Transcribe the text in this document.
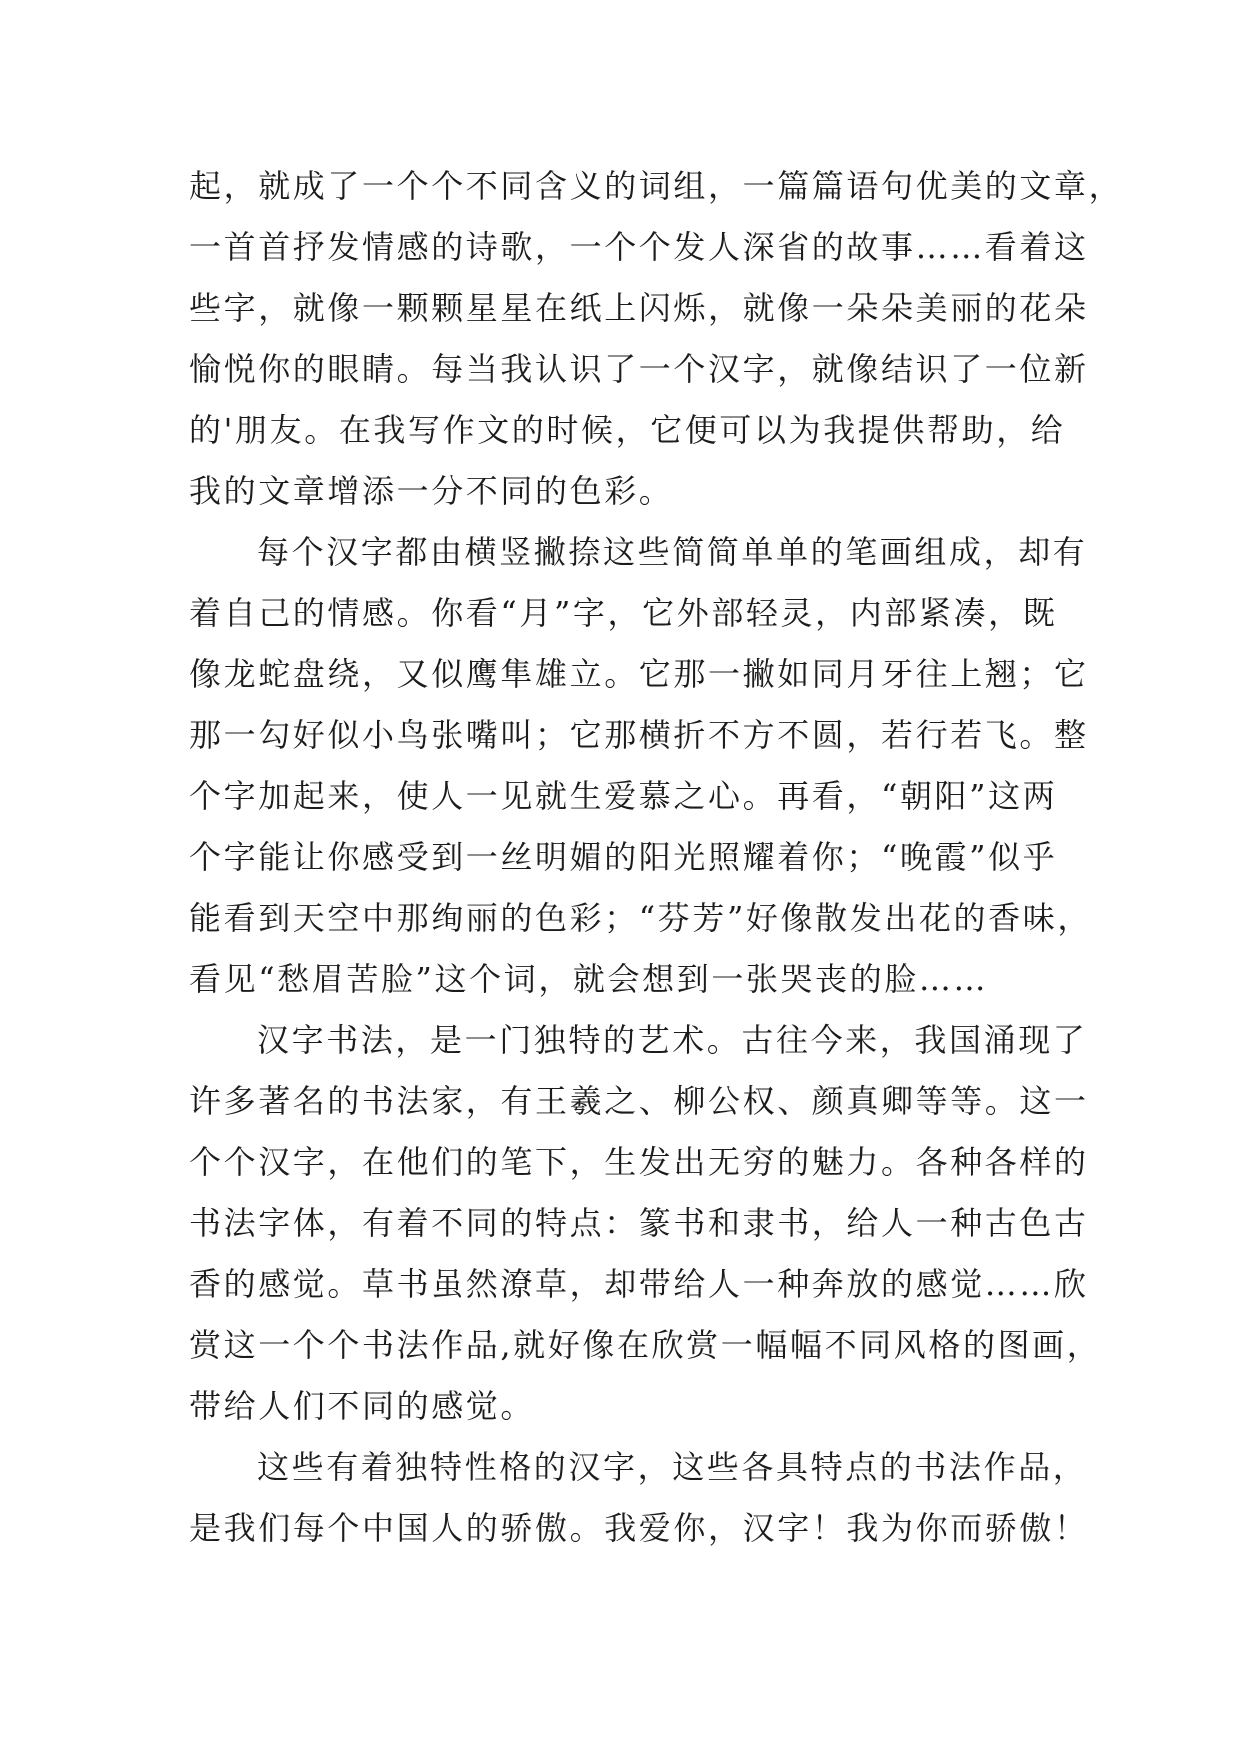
起，就成了一个个不同含义的词组，一篇篇语句优美的文章，
一首首抒发情感的诗歌，一个个发人深省的故事……看着这
些字，就像一颗颗星星在纸上闪烁，就像一朵朵美丽的花朵
愉悦你的眼睛。每当我认识了一个汉字，就像结识了一位新
的'朋友。在我写作文的时候，它便可以为我提供帮助，给
我的文章增添一分不同的色彩。
每个汉字都由横竖撇捺这些简简单单的笔画组成，却有
着自己的情感。你看“月”字，它外部轻灵，内部紧凑，既
像龙蛇盘绕，又似鹰隼雄立。它那一撇如同月牙往上翘；它
那一勾好似小鸟张嘴叫；它那横折不方不圆，若行若飞。整
个字加起来，使人一见就生爱慕之心。再看，“朝阳”这两
个字能让你感受到一丝明媚的阳光照耀着你；“晚霞”似乎
能看到天空中那绚丽的色彩；“芬芳”好像散发出花的香味，
看见“愁眉苦脸”这个词，就会想到一张哭丧的脸……
汉字书法，是一门独特的艺术。古往今来，我国涌现了
许多著名的书法家，有王羲之、柳公权、颜真卿等等。这一
个个汉字，在他们的笔下，生发出无穷的魅力。各种各样的
书法字体，有着不同的特点：篆书和隶书，给人一种古色古
香的感觉。草书虽然潦草，却带给人一种奔放的感觉……欣
赏这一个个书法作品,就好像在欣赏一幅幅不同风格的图画，
带给人们不同的感觉。
这些有着独特性格的汉字，这些各具特点的书法作品，
是我们每个中国人的骄傲。我爱你，汉字！我为你而骄傲！
